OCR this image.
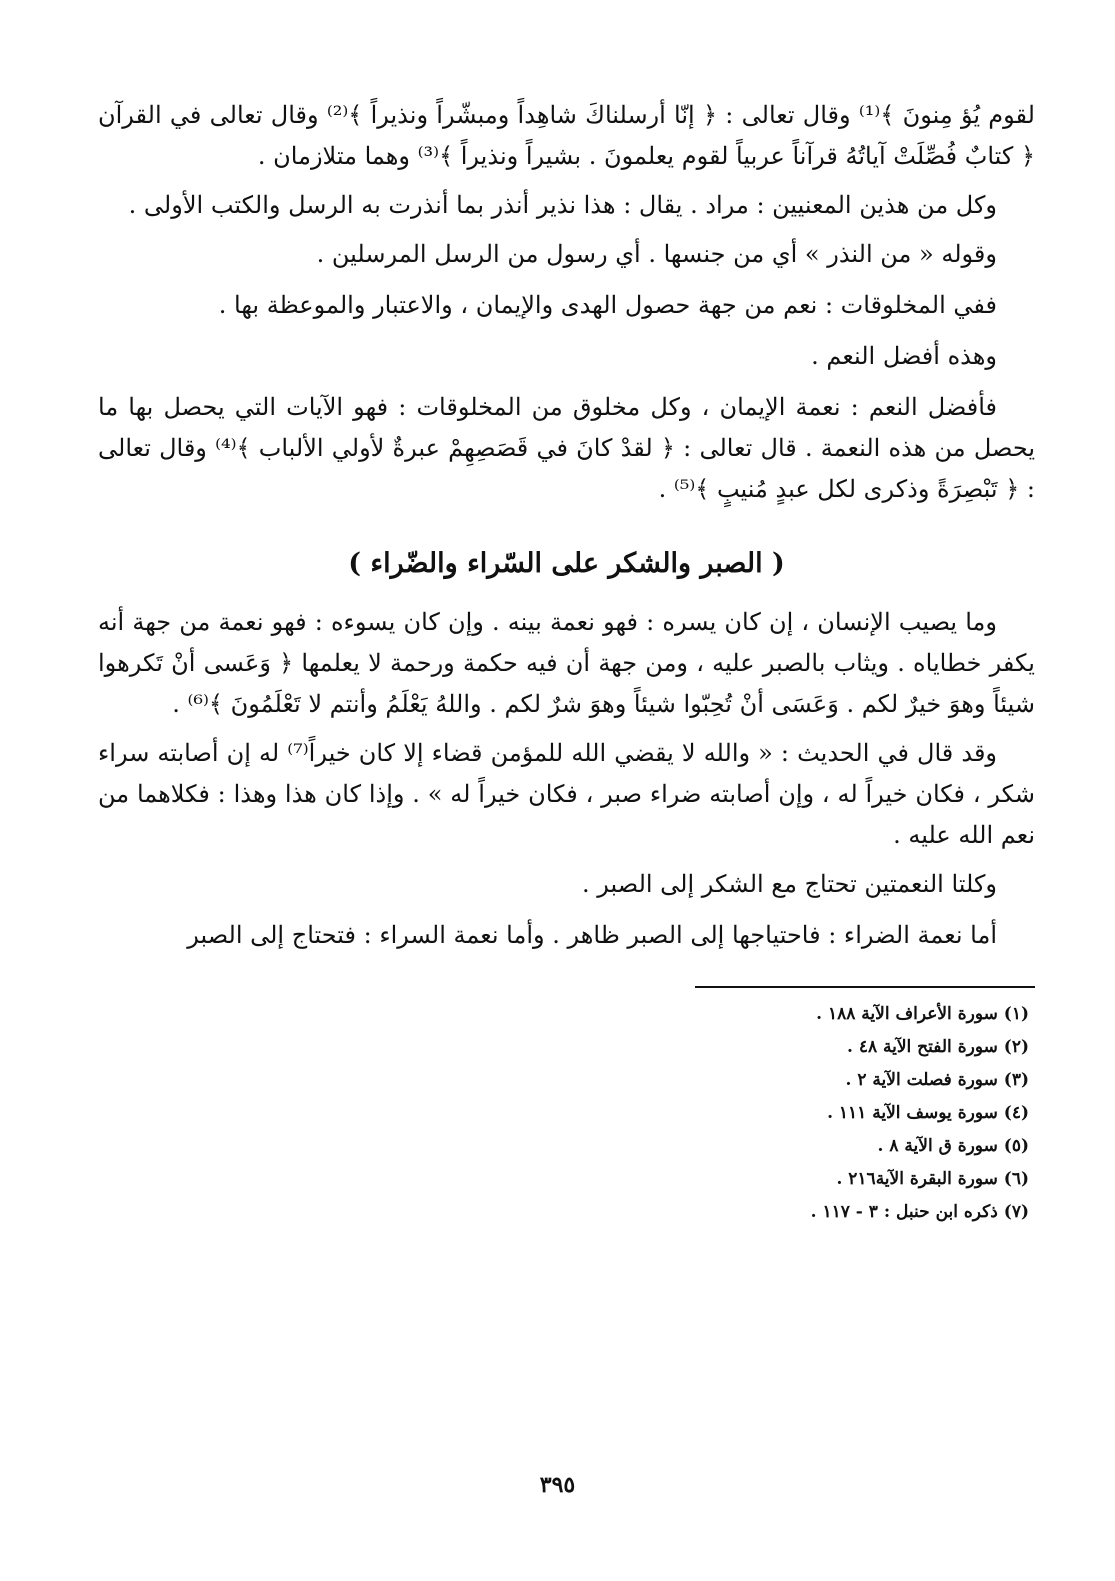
لقوم يُؤ مِنونَ ﴾⁽¹⁾ وقال تعالى : ﴿ إنّا أرسلناكَ شاهِداً ومبشّراً ونذيراً ﴾⁽²⁾ وقال تعالى في القرآن ﴿ كتابٌ فُصِّلَتْ آياتُهُ قرآناً عربياً لقوم يعلمونَ . بشيراً ونذيراً ﴾⁽³⁾ وهما متلازمان .

وكل من هذين المعنيين : مراد . يقال : هذا نذير أنذر بما أنذرت به الرسل والكتب الأولى .

وقوله « من النذر » أي من جنسها . أي رسول من الرسل المرسلين .

ففي المخلوقات : نعم من جهة حصول الهدى والإيمان ، والاعتبار والموعظة بها .

وهذه أفضل النعم .

فأفضل النعم : نعمة الإيمان ، وكل مخلوق من المخلوقات : فهو الآيات التي يحصل بها ما يحصل من هذه النعمة . قال تعالى : ﴿ لقدْ كانَ في قَصَصِهِمْ عبرةٌ لأولي الألباب ﴾⁽⁴⁾ وقال تعالى : ﴿ تَبْصِرَةً وذكرى لكل عبدٍ مُنيبٍ ﴾⁽⁵⁾ .

( الصبر والشكر على السّراء والضّراء )

وما يصيب الإنسان ، إن كان يسره : فهو نعمة بينه . وإن كان يسوءه : فهو نعمة من جهة أنه يكفر خطاياه . ويثاب بالصبر عليه ، ومن جهة أن فيه حكمة ورحمة لا يعلمها ﴿ وَعَسى أنْ تَكرهوا شيئاً وهوَ خيرٌ لكم . وَعَسَى أنْ تُحِبّوا شيئاً وهوَ شرٌ لكم . واللهُ يَعْلَمُ وأنتم لا تَعْلَمُونَ ﴾⁽⁶⁾ .

وقد قال في الحديث : « والله لا يقضي الله للمؤمن قضاء إلا كان خيراً⁽⁷⁾ له إن أصابته سراء شكر ، فكان خيراً له ، وإن أصابته ضراء صبر ، فكان خيراً له » . وإذا كان هذا وهذا : فكلاهما من نعم الله عليه .

وكلتا النعمتين تحتاج مع الشكر إلى الصبر .

أما نعمة الضراء : فاحتياجها إلى الصبر ظاهر . وأما نعمة السراء : فتحتاج إلى الصبر

(١) سورة الأعراف الآية ١٨٨ .
(٢) سورة الفتح الآية ٤٨ .
(٣) سورة فصلت الآية ٢ .
(٤) سورة يوسف الآية ١١١ .
(٥) سورة ق الآية ٨ .
(٦) سورة البقرة الآية٢١٦ .
(٧) ذكره ابن حنبل : ٣ - ١١٧ .
٣٩٥
